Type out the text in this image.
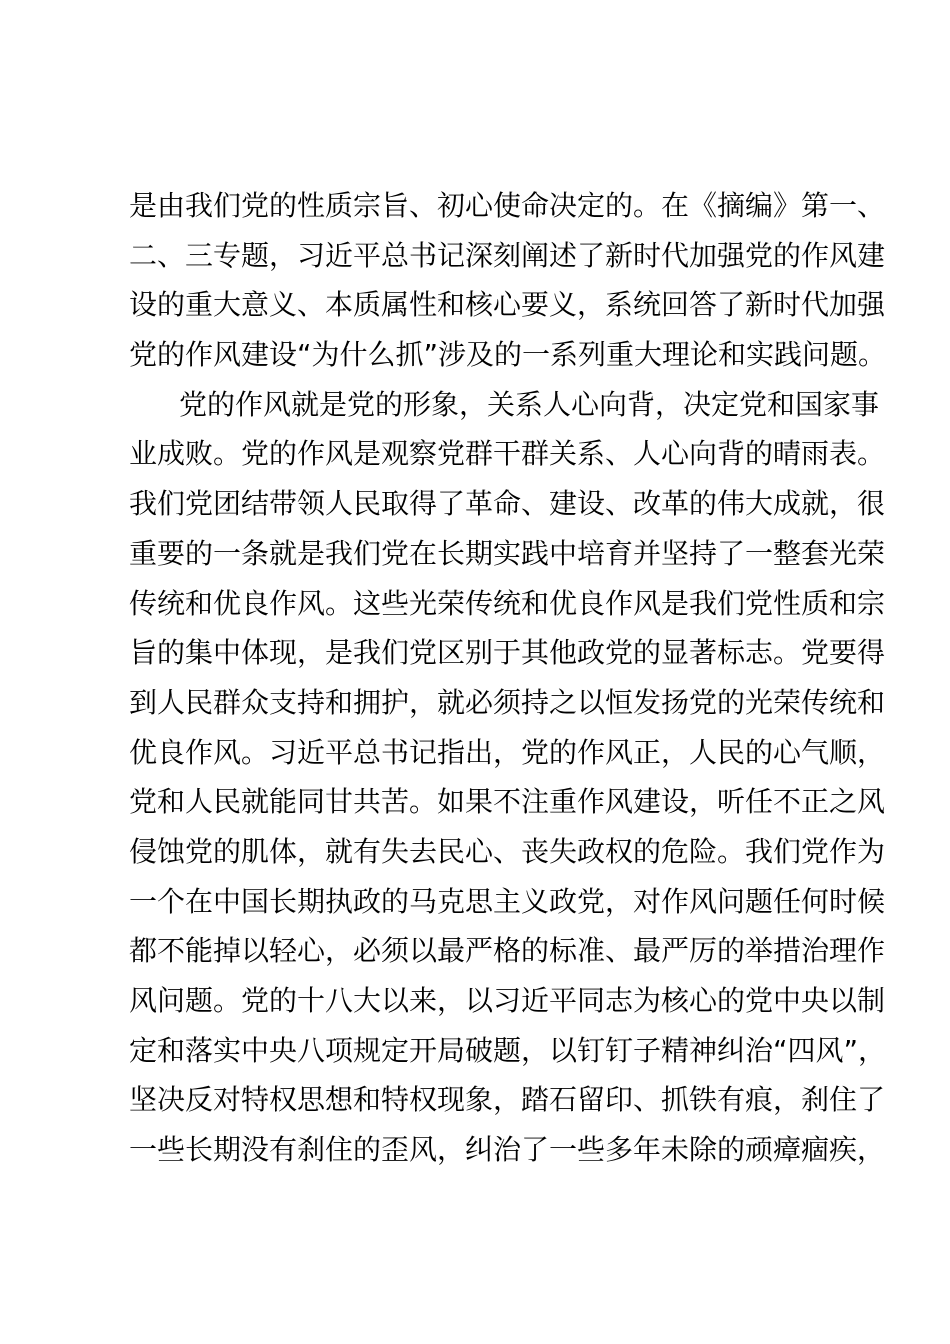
是由我们党的性质宗旨、初心使命决定的。在《摘编》第一、
二、三专题，习近平总书记深刻阐述了新时代加强党的作风建
设的重大意义、本质属性和核心要义，系统回答了新时代加强
党的作风建设“为什么抓”涉及的一系列重大理论和实践问题。
党的作风就是党的形象，关系人心向背，决定党和国家事
业成败。党的作风是观察党群干群关系、人心向背的晴雨表。
我们党团结带领人民取得了革命、建设、改革的伟大成就，很
重要的一条就是我们党在长期实践中培育并坚持了一整套光荣
传统和优良作风。这些光荣传统和优良作风是我们党性质和宗
旨的集中体现，是我们党区别于其他政党的显著标志。党要得
到人民群众支持和拥护，就必须持之以恒发扬党的光荣传统和
优良作风。习近平总书记指出，党的作风正，人民的心气顺，
党和人民就能同甘共苦。如果不注重作风建设，听任不正之风
侵蚀党的肌体，就有失去民心、丧失政权的危险。我们党作为
一个在中国长期执政的马克思主义政党，对作风问题任何时候
都不能掉以轻心，必须以最严格的标准、最严厉的举措治理作
风问题。党的十八大以来，以习近平同志为核心的党中央以制
定和落实中央八项规定开局破题，以钉钉子精神纠治“四风”，
坚决反对特权思想和特权现象，踏石留印、抓铁有痕，刹住了
一些长期没有刹住的歪风，纠治了一些多年未除的顽瘴痼疾，
